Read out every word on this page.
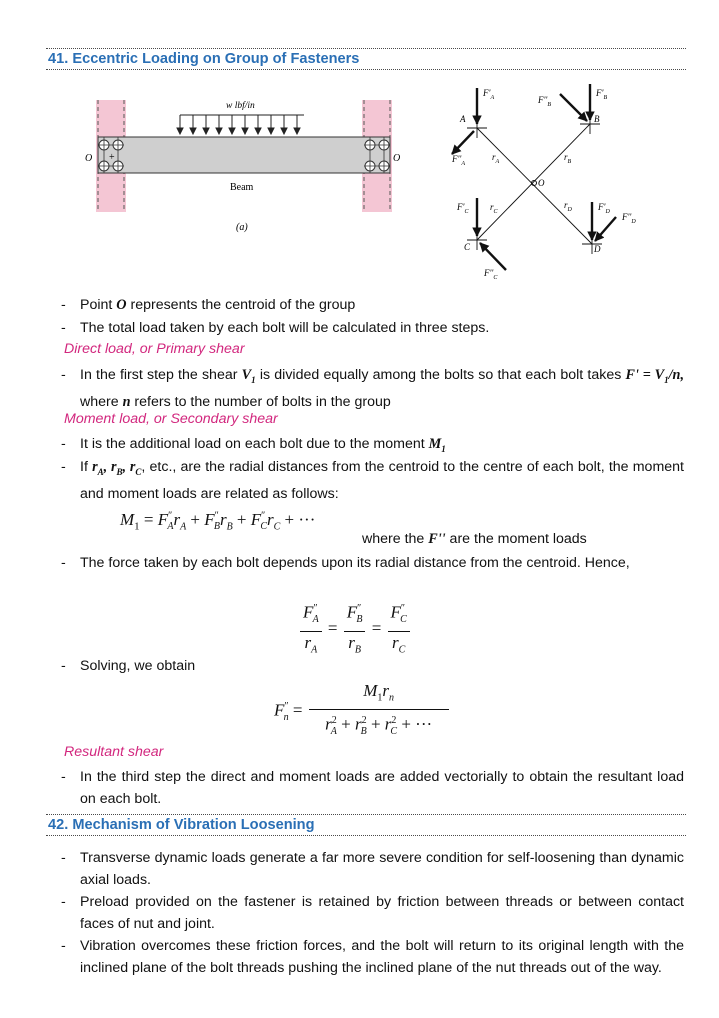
41. Eccentric Loading on Group of Fasteners
+
O	O
w lbf/in
Beam
(a)
$F'_A$	$F''_B$
$F'_B$
A	B
$F''_A$
$r_A$	$r_B$
O
$F'_C$ $r_C$
$r_D$	$F'_D$ $F''_D$
C	D
$F''_C$
- Point O represents the centroid of the group
- The total load taken by each bolt will be calculated in three steps.
Direct load, or Primary shear
- In the first step the shear $V_1$ is divided equally among the bolts so that each bolt takes $F' = V_1/n$, where n refers to the number of bolts in the group
Moment load, or Secondary shear
- It is the additional load on each bolt due to the moment $M_1$
- If $r_A$, $r_B$, $r_C$, etc., are the radial distances from the centroid to the centre of each bolt, the moment and moment loads are related as follows:
$M_1 = F''_Ar_A + F''_Br_B + F''_Cr_C$ + ···
where the F'' are the moment loads
- The force taken by each bolt depends upon its radial distance from the centroid. Hence,
$\frac{F''_A}{r_A} = \frac{F''_B}{r_B} = \frac{F''_C}{r_C}$
- Solving, we obtain
$F''_n = \frac{M_1r_n}{r^2_A + r^2_B + r^2_C + \cdot\cdot\cdot}$
Resultant shear
- In the third step the direct and moment loads are added vectorially to obtain the resultant load on each bolt.
42. Mechanism of Vibration Loosening
- Transverse dynamic loads generate a far more severe condition for self-loosening than dynamic axial loads.
- Preload provided on the fastener is retained by friction between threads or between contact faces of nut and joint.
- Vibration overcomes these friction forces, and the bolt will return to its original length with the inclined plane of the bolt threads pushing the inclined plane of the nut threads out of the way.
